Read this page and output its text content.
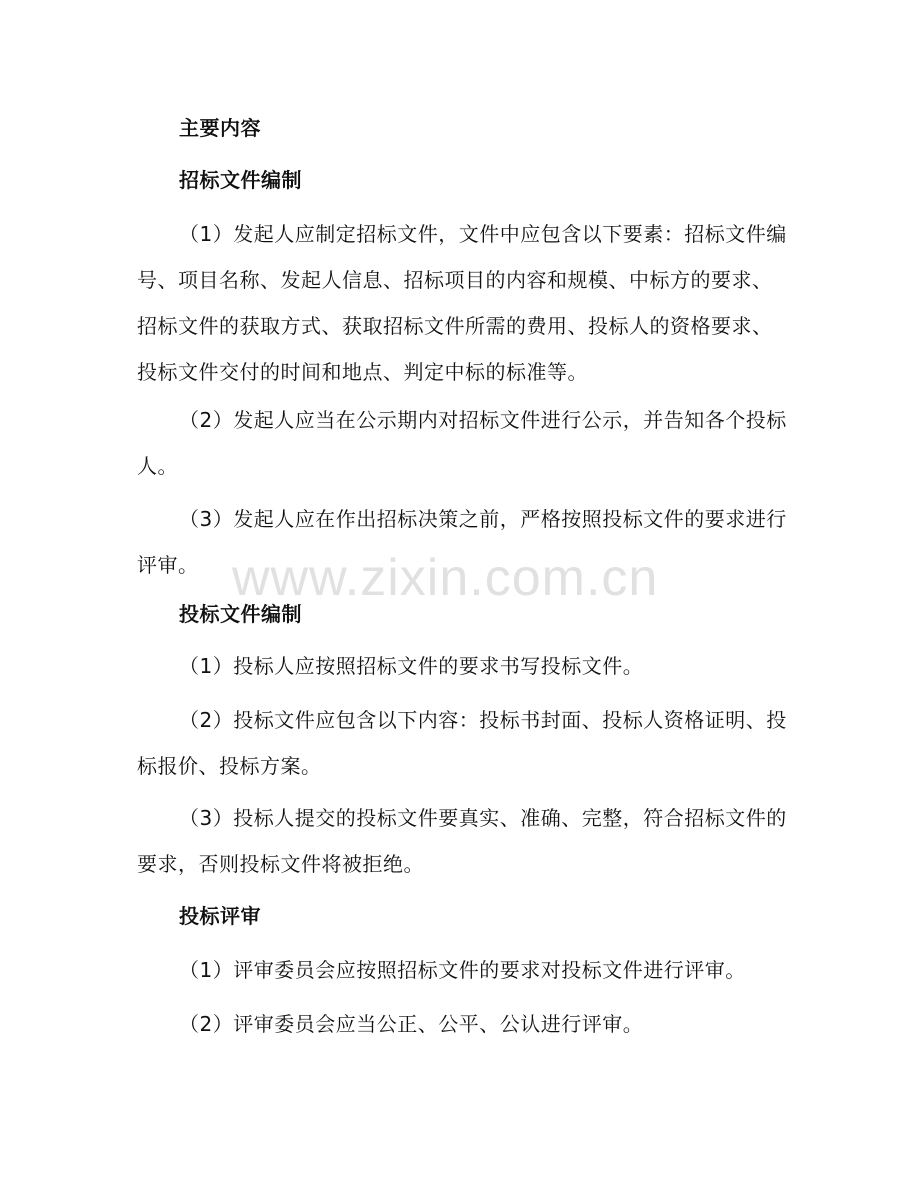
主要内容
招标文件编制
（1）发起人应制定招标文件，文件中应包含以下要素：招标文件编号、项目名称、发起人信息、招标项目的内容和规模、中标方的要求、招标文件的获取方式、获取招标文件所需的费用、投标人的资格要求、投标文件交付的时间和地点、判定中标的标准等。
（2）发起人应当在公示期内对招标文件进行公示，并告知各个投标人。
（3）发起人应在作出招标决策之前，严格按照投标文件的要求进行评审。
投标文件编制
（1）投标人应按照招标文件的要求书写投标文件。
（2）投标文件应包含以下内容：投标书封面、投标人资格证明、投标报价、投标方案。
（3）投标人提交的投标文件要真实、准确、完整，符合招标文件的要求，否则投标文件将被拒绝。
投标评审
（1）评审委员会应按照招标文件的要求对投标文件进行评审。
（2）评审委员会应当公正、公平、公认进行评审。
www.zixin.com.cn
